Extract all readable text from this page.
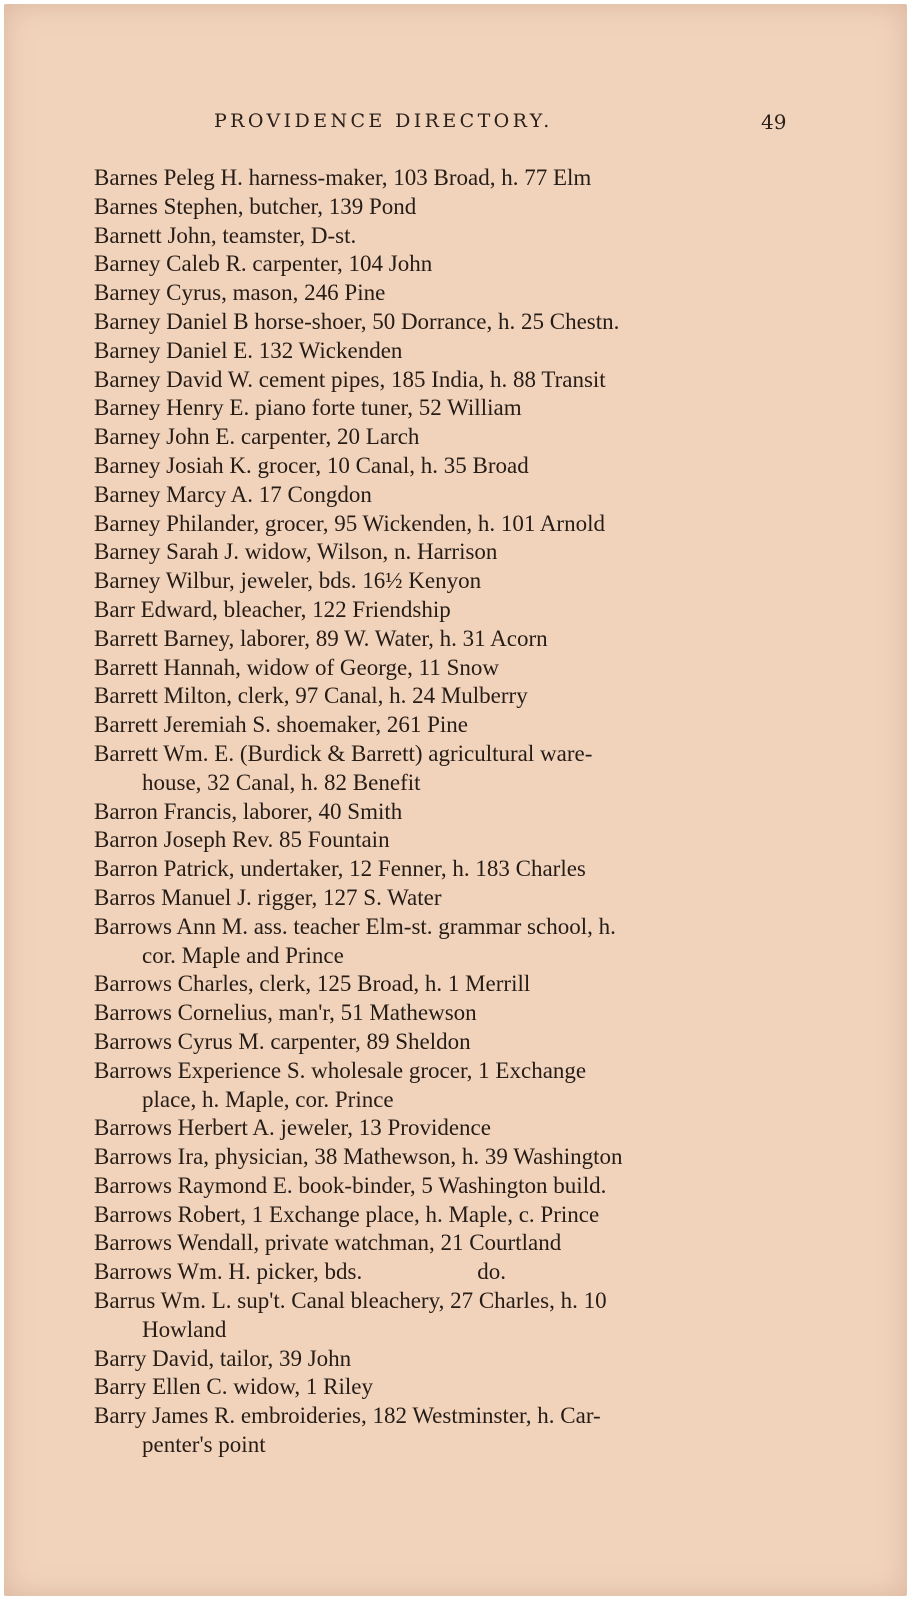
PROVIDENCE DIRECTORY.	49

Barnes Peleg H. harness-maker, 103 Broad, h. 77 Elm

Barnes Stephen, butcher, 139 Pond

Barnett John, teamster, D-st.

Barney Caleb R. carpenter, 104 John

Barney Cyrus, mason, 246 Pine

Barney Daniel B horse-shoer, 50 Dorrance, h. 25 Chestn.

Barney Daniel E. 132 Wickenden

Barney David W. cement pipes, 185 India, h. 88 Transit

Barney Henry E. piano forte tuner, 52 William

Barney John E. carpenter, 20 Larch

Barney Josiah K. grocer, 10 Canal, h. 35 Broad

Barney Marcy A. 17 Congdon

Barney Philander, grocer, 95 Wickenden, h. 101 Arnold

Barney Sarah J. widow, Wilson, n. Harrison

Barney Wilbur, jeweler, bds. 16½ Kenyon

Barr Edward, bleacher, 122 Friendship

Barrett Barney, laborer, 89 W. Water, h. 31 Acorn

Barrett Hannah, widow of George, 11 Snow

Barrett Milton, clerk, 97 Canal, h. 24 Mulberry

Barrett Jeremiah S. shoemaker, 261 Pine

Barrett Wm. E. (Burdick & Barrett) agricultural ware-
house, 32 Canal, h. 82 Benefit

Barron Francis, laborer, 40 Smith

Barron Joseph Rev. 85 Fountain

Barron Patrick, undertaker, 12 Fenner, h. 183 Charles

Barros Manuel J. rigger, 127 S. Water

Barrows Ann M. ass. teacher Elm-st. grammar school, h.
cor. Maple and Prince

Barrows Charles, clerk, 125 Broad, h. 1 Merrill

Barrows Cornelius, man'r, 51 Mathewson

Barrows Cyrus M. carpenter, 89 Sheldon

Barrows Experience S. wholesale grocer, 1 Exchange
place, h. Maple, cor. Prince

Barrows Herbert A. jeweler, 13 Providence

Barrows Ira, physician, 38 Mathewson, h. 39 Washington

Barrows Raymond E. book-binder, 5 Washington build.

Barrows Robert, 1 Exchange place, h. Maple, c. Prince

Barrows Wendall, private watchman, 21 Courtland

Barrows Wm. H. picker, bds.                    do.

Barrus Wm. L. sup't. Canal bleachery, 27 Charles, h. 10
Howland

Barry David, tailor, 39 John

Barry Ellen C. widow, 1 Riley

Barry James R. embroideries, 182 Westminster, h. Car-
penter's point
